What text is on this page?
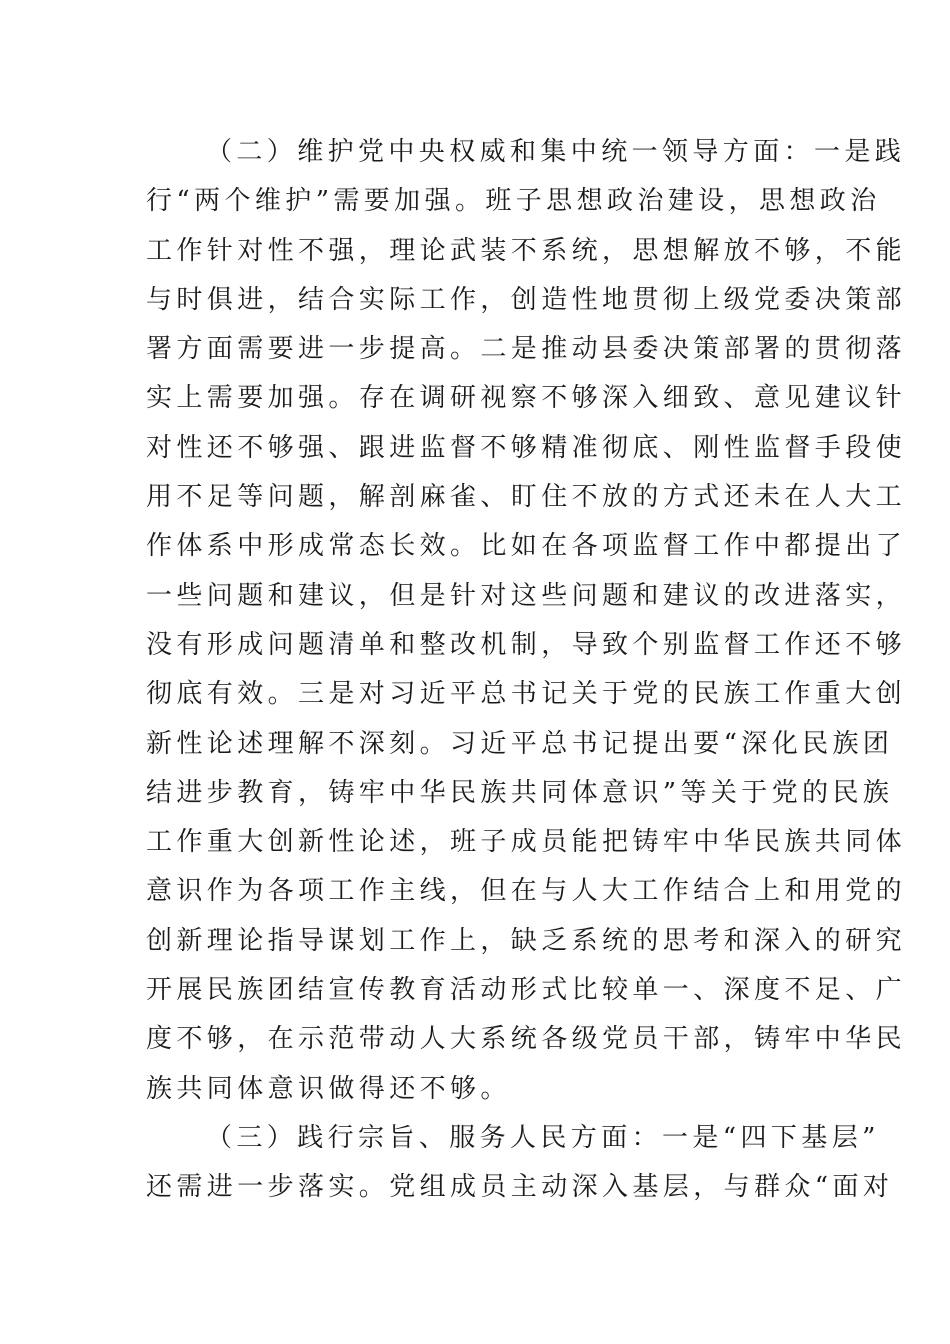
（二）维护党中央权威和集中统一领导方面：一是践
行“两个维护”需要加强。班子思想政治建设，思想政治
工作针对性不强，理论武装不系统，思想解放不够，不能
与时俱进，结合实际工作，创造性地贯彻上级党委决策部
署方面需要进一步提高。二是推动县委决策部署的贯彻落
实上需要加强。存在调研视察不够深入细致、意见建议针
对性还不够强、跟进监督不够精准彻底、刚性监督手段使
用不足等问题，解剖麻雀、盯住不放的方式还未在人大工
作体系中形成常态长效。比如在各项监督工作中都提出了
一些问题和建议，但是针对这些问题和建议的改进落实，
没有形成问题清单和整改机制，导致个别监督工作还不够
彻底有效。三是对习近平总书记关于党的民族工作重大创
新性论述理解不深刻。习近平总书记提出要“深化民族团
结进步教育，铸牢中华民族共同体意识”等关于党的民族
工作重大创新性论述，班子成员能把铸牢中华民族共同体
意识作为各项工作主线，但在与人大工作结合上和用党的
创新理论指导谋划工作上，缺乏系统的思考和深入的研究
开展民族团结宣传教育活动形式比较单一、深度不足、广
度不够，在示范带动人大系统各级党员干部，铸牢中华民
族共同体意识做得还不够。
（三）践行宗旨、服务人民方面：一是“四下基层”
还需进一步落实。党组成员主动深入基层，与群众“面对
